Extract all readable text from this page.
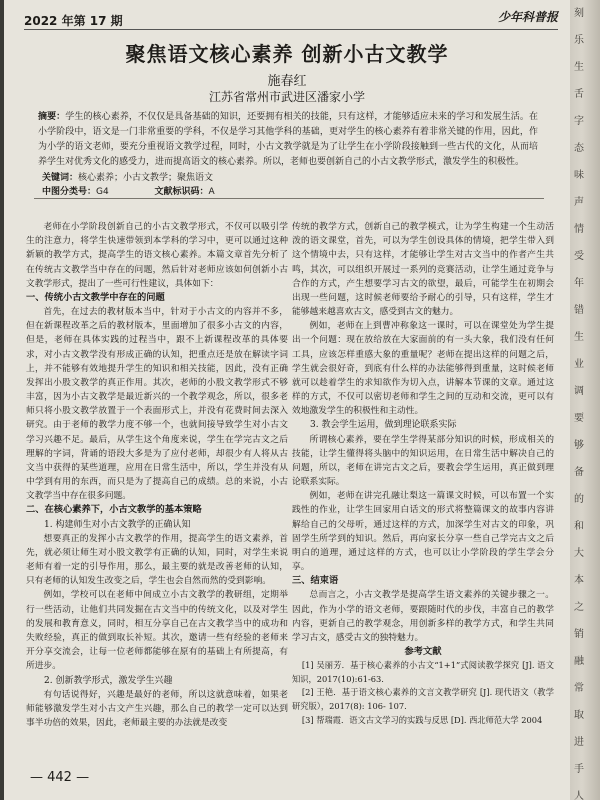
2022 年第 17 期	少年科普报
聚焦语文核心素养 创新小古文教学
施春红
江苏省常州市武进区潘家小学
摘要：学生的核心素养，不仅仅是具备基础的知识，还要拥有相关的技能，只有这样，才能够适应未来的学习和发展生活。在小学阶段中，语文是一门非常重要的学科，不仅是学习其他学科的基础，更对学生的核心素养有着非常关键的作用，因此，作为小学的语文老师，要充分重视语文教学过程，同时，小古文教学就是为了让学生在小学阶段接触到一些古代的文化，从而培养学生对优秀文化的感受力，进而提高语文的核心素养。所以，老师也要创新自己的小古文教学形式，激发学生的积极性。
关键词：核心素养；小古文教学；聚焦语文
中图分类号：G4	文献标识码：A

老师在小学阶段创新自己的小古文教学形式，不仅可以吸引学生的注意力，将学生快速带领到本学科的学习中，更可以通过这种新颖的教学方式，提高学生的语文核心素养。本篇文章首先分析了在传统古文教学当中存在的问题，然后针对老师应该如何创新小古文教学形式，提出了一些可行性建议，具体如下：

一、传统小古文教学中存在的问题

首先，在过去的教材版本当中，针对于小古文的内容并不多，但在新课程改革之后的教材版本，里面增加了很多小古文的内容，但是，老师在具体实践的过程当中，跟不上新课程改革的具体要求，对小古文教学没有形成正确的认知，把重点还是放在解读字词上，并不能够有效地提升学生的知识和相关技能，因此，没有正确发挥出小股文教学的真正作用。其次，老师的小股文教学形式不够丰富，因为小古文教学是最近新兴的一个教学观念，所以，很多老师只将小股文教学放置于一个表面形式上，并没有花费时间去深入研究。由于老师的教学力度不够一个，也就间接导致学生对小古文学习兴趣不足。最后，从学生这个角度来说，学生在学完古文之后理解的字词，背诵的语段大多是为了应付老师，却很少有人将从古文当中获得的某些道理，应用在日常生活中，所以，学生并没有从中学到有用的东西，而只是为了提高自己的成绩。总的来说，小古文教学当中存在很多问题。

二、在核心素养下，小古文教学的基本策略
1. 构建师生对小古文教学的正确认知

想要真正的发挥小古文教学的作用，提高学生的语文素养，首先，就必须让师生对小股文教学有正确的认知，同时，对学生来说老师有着一定的引导作用，那么，最主要的就是改善老师的认知，只有老师的认知发生改变之后，学生也会自然而然的受到影响。

例如，学校可以在老师中间成立小古文教学的教研组，定期举行一些活动，让他们共同发掘在古文当中的传统文化，以及对学生的发展和教育意义，同时，相互分享自己在古文教学当中的成功和失败经验，真正的做到取长补短。其次，邀请一些有经验的老师来开分享交流会，让每一位老师都能够在原有的基础上有所提高，有所进步。

2. 创新教学形式，激发学生兴趣

有句话说得好，兴趣是最好的老师，所以这就意味着，如果老师能够激发学生对小古文产生兴趣，那么自己的教学一定可以达到事半功倍的效果，因此，老师最主要的办法就是改变

传统的教学方式，创新自己的教学模式，让为学生构建一个生动活泼的语文课堂，首先，可以为学生创设具体的情境，把学生带入到这个情境中去，只有这样，才能够让学生对古文当中的作者产生共鸣，其次，可以组织开展过一系列的竞赛活动，让学生通过竞争与合作的方式，产生想要学习古文的欲望，最后，可能学生在初期会出现一些问题，这时候老师要给予耐心的引导，只有这样，学生才能够越来越喜欢古文，感受到古文的魅力。

例如，老师在上到曹冲称象这一课时，可以在课堂处为学生提出一个问题：现在放给放在大家面前的有一头大象，我们没有任何工具，应该怎样重感大象的重量呢？老师在提出这样的问题之后，学生就会很好奇，到底有什么样的办法能够得到重量，这时候老师就可以趁着学生的求知欲作为切入点，讲解本节课的文章。通过这样的方式，不仅可以密切老师和学生之间的互动和交流，更可以有效地激发学生的积极性和主动性。

3. 教会学生运用，做到理论联系实际

所谓核心素养，要在学生学得某部分知识的时候，形成相关的技能，让学生懂得将头脑中的知识运用，在日常生活中解决自己的问题，所以，老师在讲完古文之后，要教会学生运用，真正做到理论联系实际。

例如，老师在讲完孔融让梨这一篇课文时候，可以布置一个实践性的作业，让学生回家用白话文的形式将整篇课文的故事内容讲解给自己的父母听，通过这样的方式，加深学生对古文的印象，巩固学生所学到的知识。然后，再向家长分享一些自己学完古文之后明白的道理，通过这样的方式，也可以让小学阶段的学生学会分享。

三、结束语

总而言之，小古文教学是提高学生语文素养的关键步骤之一。因此，作为小学的语文老师，要跟随时代的步伐，丰富自己的教学内容，更新自己的教学观念，用创新多样的教学方式，和学生共同学习古文，感受古文的独特魅力。

参考文献

[1] 吴丽芳．基于核心素养的小古文“1+1”式阅读教学探究 [J]. 语文知识，2017(10):61-63.

[2] 王艳．基于语文核心素养的文言文教学研究 [J]. 现代语文（教学研究版），2017(8): 106- 107.

[3] 帮瑞霞．语文古文学习的实践与反思 [D]. 西北师范大学 2004

— 442 —
刻
乐
生
舌
字
态
味
声
情
受
年
错
生
业
调
要
够
备
的
和
大
本
之
销
融
常
取
进
手
人
